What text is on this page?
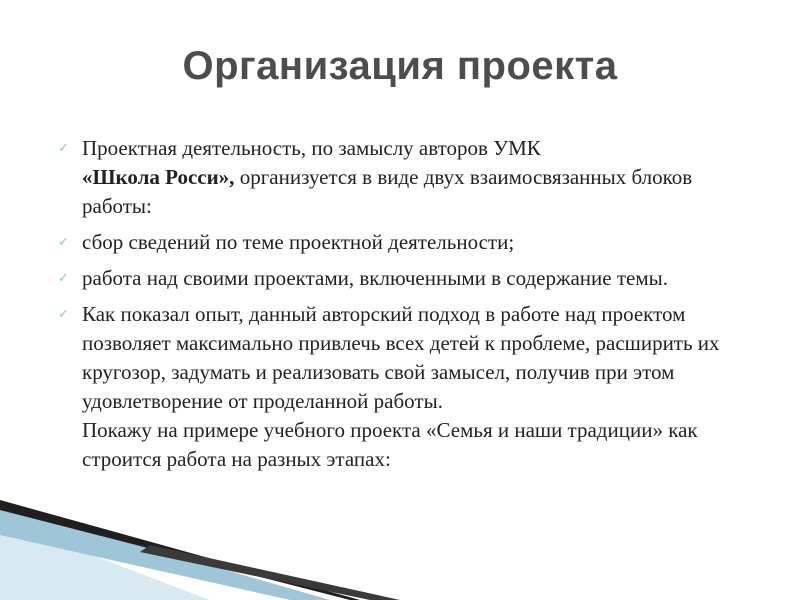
Организация проекта
✓ Проектная деятельность, по замыслу авторов УМК
«Школа Росси», организуется в виде двух взаимосвязанных блоков работы:
✓ сбор сведений по теме проектной деятельности;
✓ работа над своими проектами, включенными в содержание темы.
✓ Как показал опыт, данный авторский подход в работе над проектом позволяет максимально привлечь всех детей к проблеме, расширить их кругозор, задумать и реализовать свой замысел, получив при этом удовлетворение от проделанной работы.
Покажу на примере учебного проекта «Семья и наши традиции» как строится работа на разных этапах:
